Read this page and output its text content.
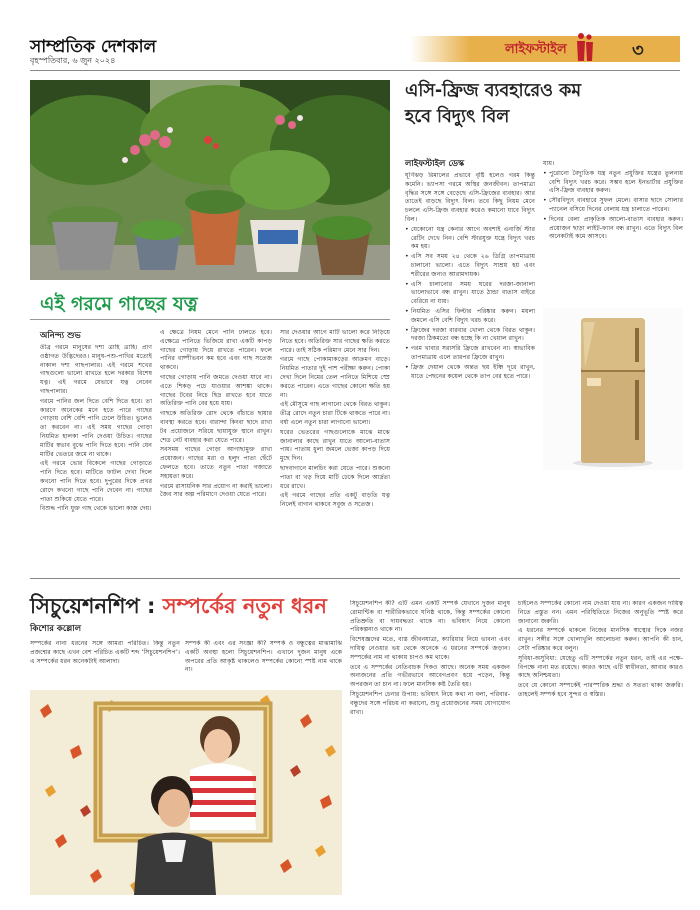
সাম্প্রতিক দেশকাল
বৃহস্পতিবার, ৬ জুন ২০২৪
লাইফস্টাইল	৩
এই গরমে গাছের যত্ন
অনিন্দ্য শুভ

তীব্র গরমে মানুষের দশা ত্রাহি ত্রাহি। প্রাণ ওষ্ঠাগত উদ্ভিদেরও। মানুষ-পশু-পাখির মতোই নাকাল দশা গাছপালার। এই গরমে শখের গাছগুলো ভালো রাখতে হলে দরকার বিশেষ যত্ন। এই গরমে যেভাবে যত্ন নেবেন গাছপালার।

গরমে পানির জল দিতে বেশি দিতে হবে। তা কারণে অনেকের মনে হতে পারে গাছের গোড়ায় বেশি বেশি পানি ঢেলে উচিত। ভুলেও তা করবেন না। এই সময় গাছের গোড়া নিয়মিত হালকা পানি দেওয়া উচিত। গাছের মাটির স্বভাব বুঝে পানি দিতে হবে। পানি যেন মাটির ভেতরে জমে না থাকে।

এই গরমে ভোর বিকেলে গাছের গোড়াতে পানি দিতে হবে। মাটিতে ফাটল দেখা দিলে কখনো পানি দিতে হবে। দুপুরের দিকে প্রখর রোদে কখনো গাছে পানি দেবেন না। গাছের পাতা শুকিয়ে যেতে পারে।

বিশুদ্ধ পানি যুক্ত গাছ থেকে ভালো কাজ দেয়।

এ ক্ষেত্রে নিয়ম মেনে পানি ঢালতে হবে। এক্ষেত্রে পানিতে ভিজিয়ে রাখা একটি কাপড় গাছের গোড়ায় দিয়ে রাখতে পারেন। ফলে পানির বাষ্পীভবন কম হবে এবং গাছ সতেজ থাকবে।

গাছের গোড়ায় পানি জমতে দেওয়া যাবে না। এতে শিকড় পচে যাওয়ার আশঙ্কা থাকে। গাছের টবের নিচে ছিদ্র রাখতে হবে যাতে অতিরিক্ত পানি বের হয়ে যায়।

গাছকে অতিরিক্ত রোদ থেকে বাঁচাতে ছায়ার ব্যবস্থা করতে হবে। বারান্দা কিংবা ছাদে রাখা টব প্রয়োজনে সরিয়ে ছায়াযুক্ত স্থানে রাখুন। শেড নেট ব্যবহার করা যেতে পারে।

সবসময় গাছের গোড়া আগাছামুক্ত রাখা প্রয়োজন। গাছের মরা ও হলুদ পাতা ছেঁটে ফেলতে হবে। তাতে নতুন পাতা গজাতে সহায়তা করে।

গরমে রাসায়নিক সার প্রয়োগ না করাই ভালো। জৈব সার অল্প পরিমাণে দেওয়া যেতে পারে।

সার দেওয়ার আগে মাটি ভালো করে নিড়িয়ে নিতে হবে। অতিরিক্ত সার গাছের ক্ষতি করতে পারে। তাই সঠিক পরিমাণ মেনে সার দিন।

গরমে গাছে পোকামাকড়ের আক্রমণ বাড়ে। নিয়মিত পাতার দুই পাশ পরীক্ষা করুন। পোকা দেখা দিলে নিমের তেল পানিতে মিশিয়ে স্প্রে করতে পারেন। এতে গাছের কোনো ক্ষতি হয় না।

এই মৌসুমে গাছ লাগানো থেকে বিরত থাকুন। তীব্র রোদে নতুন চারা টিকে থাকতে পারে না। বর্ষা এলে নতুন চারা লাগানো ভালো।

ঘরের ভেতরের গাছগুলোকে মাঝে মাঝে জানালার কাছে রাখুন যাতে আলো-বাতাস পায়। পাতায় ধুলা জমলে ভেজা কাপড় দিয়ে মুছে দিন।

ছাদবাগানে মালচিং করা যেতে পারে। শুকনো পাতা বা খড় দিয়ে মাটি ঢেকে দিলে আর্দ্রতা ধরে রাখে।

এই গরমে গাছের প্রতি একটু বাড়তি যত্ন নিলেই বাগান থাকবে সবুজ ও সতেজ।

এসি-ফ্রিজ ব্যবহারেও কম
হবে বিদ্যুৎ বিল
লাইফস্টাইল ডেস্ক

ঘূর্ণিঝড় রিমালের প্রভাবে বৃষ্টি হলেও গরম কিন্তু কমেনি। ভ্যাপসা গরমে অস্থির জনজীবন। তাপমাত্রা বৃদ্ধির সঙ্গে সঙ্গে বেড়েছে এসি-ফ্রিজের ব্যবহার। আর তাতেই বাড়ছে বিদ্যুৎ বিল। তবে কিছু নিয়ম মেনে চললে এসি-ফ্রিজ ব্যবহার করেও কমানো যাবে বিদ্যুৎ বিল।

• যেকোনো যন্ত্র কেনার আগে অবশ্যই এনার্জি স্টার রেটিং দেখে নিন। বেশি স্টারযুক্ত যন্ত্রে বিদ্যুৎ খরচ কম হয়।
• এসি সব সময় ২৪ থেকে ২৬ ডিগ্রি তাপমাত্রায় চালানো ভালো। এতে বিদ্যুৎ সাশ্রয় হয় এবং শরীরের জন্যও আরামদায়ক।
• এসি চালানোর সময় ঘরের দরজা-জানালা ভালোভাবে বন্ধ রাখুন। যাতে ঠান্ডা বাতাস বাইরে বেরিয়ে না যায়।
• নিয়মিত এসির ফিল্টার পরিষ্কার করুন। ময়লা জমলে এসি বেশি বিদ্যুৎ খরচ করে।
• ফ্রিজের দরজা বারবার খোলা থেকে বিরত থাকুন। দরজা ঠিকমতো বন্ধ হচ্ছে কি না খেয়াল রাখুন।
• গরম খাবার সরাসরি ফ্রিজে রাখবেন না। স্বাভাবিক তাপমাত্রায় এলে তারপর ফ্রিজে রাখুন।
• ফ্রিজ দেয়াল থেকে অন্তত ছয় ইঞ্চি দূরে রাখুন, যাতে পেছনের কয়েল থেকে তাপ বের হতে পারে।

যায়।

• পুরোনো বৈদ্যুতিক যন্ত্র নতুন প্রযুক্তির যন্ত্রের তুলনায় বেশি বিদ্যুৎ খরচ করে। সম্ভব হলে ইনভার্টার প্রযুক্তির এসি-ফ্রিজ ব্যবহার করুন।
• সৌরবিদ্যুৎ ব্যবহারে সুফল মেলে। বাসার ছাদে সোলার প্যানেল বসিয়ে দিনের বেলায় যন্ত্র চালাতে পারেন।
• দিনের বেলা প্রাকৃতিক আলো-বাতাস ব্যবহার করুন। প্রয়োজন ছাড়া লাইট-ফ্যান বন্ধ রাখুন। এতে বিদ্যুৎ বিল অনেকটাই কমে আসবে।
সিচুয়েশনশিপ : সম্পর্কের নতুন ধরন
কিশোর কল্লোল

সম্পর্কের নানা ধরনের সঙ্গে আমরা পরিচিত। কিন্তু নতুন প্রজন্মের কাছে এখন বেশ পরিচিত একটি শব্দ ‘সিচুয়েশনশিপ’। এ সম্পর্কের ধরন অনেকটাই আলাদা।

সম্পর্ক কী এবং এর সংজ্ঞা কী? সম্পর্ক ও বন্ধুত্বের মাঝামাঝি একটি অবস্থা হলো সিচুয়েশনশিপ। এখানে দুজন মানুষ একে অপরের প্রতি আকৃষ্ট থাকলেও সম্পর্কের কোনো স্পষ্ট নাম থাকে না।

সিচুয়েশনশিপ কী? এটি এমন একটি সম্পর্ক যেখানে দুজন মানুষ রোমান্টিক বা শারীরিকভাবে ঘনিষ্ঠ থাকে, কিন্তু সম্পর্কের কোনো প্রতিশ্রুতি বা দায়বদ্ধতা থাকে না। ভবিষ্যৎ নিয়ে কোনো পরিকল্পনাও থাকে না।

বিশেষজ্ঞদের মতে, ব্যস্ত জীবনযাত্রা, ক্যারিয়ার নিয়ে ভাবনা এবং দায়িত্ব নেওয়ার ভয় থেকে অনেকে এ ধরনের সম্পর্কে জড়ান। সম্পর্কের নাম না থাকায় চাপও কম থাকে।

তবে এ সম্পর্কের নেতিবাচক দিকও আছে। অনেক সময় একজন অন্যজনের প্রতি গভীরভাবে আবেগপ্রবণ হয়ে পড়েন, কিন্তু অপরজন তা চান না। ফলে মানসিক কষ্ট তৈরি হয়।

সিচুয়েশনশিপ চেনার উপায়: ভবিষ্যৎ নিয়ে কথা না বলা, পরিবার-বন্ধুদের সঙ্গে পরিচয় না করানো, শুধু প্রয়োজনের সময় যোগাযোগ রাখা।

চাইলেও সম্পর্কের কোনো নাম দেওয়া যায় না। কারণ একজন দায়িত্ব নিতে প্রস্তুত নন। এমন পরিস্থিতিতে নিজের অনুভূতি স্পষ্ট করে জানানো জরুরি।

এ ধরনের সম্পর্কে থাকলে নিজের মানসিক স্বাস্থ্যের দিকে নজর রাখুন। সঙ্গীর সঙ্গে খোলাখুলি আলোচনা করুন। আপনি কী চান, সেটা পরিষ্কার করে বলুন।

সুবিধা-অসুবিধা: যেহেতু এটি সম্পর্কের নতুন ধরন, তাই এর পক্ষে-বিপক্ষে নানা মত রয়েছে। কারও কাছে এটি স্বাধীনতা, আবার কারও কাছে অনিশ্চয়তা।

তবে যে কোনো সম্পর্কেই পারস্পরিক শ্রদ্ধা ও সততা থাকা জরুরি। তাহলেই সম্পর্ক হবে সুন্দর ও স্বস্তির।
